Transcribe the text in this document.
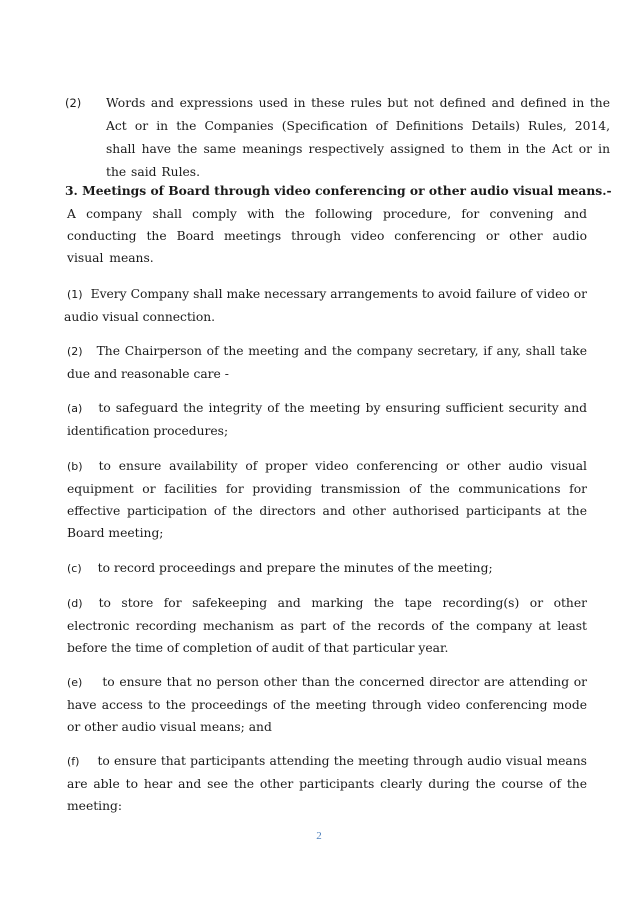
(2) Words and expressions used in these rules but not defined and defined in the Act or in the Companies (Specification of Definitions Details) Rules, 2014, shall have the same meanings respectively assigned to them in the Act or in the said Rules.
3. Meetings of Board through video conferencing or other audio visual means.-

A company shall comply with the following procedure, for convening and conducting the Board meetings through video conferencing or other audio visual means.

(1) Every Company shall make necessary arrangements to avoid failure of video or audio visual connection.

(2) The Chairperson of the meeting and the company secretary, if any, shall take due and reasonable care -

(a) to safeguard the integrity of the meeting by ensuring sufficient security and identification procedures;

(b) to ensure availability of proper video conferencing or other audio visual equipment or facilities for providing transmission of the communications for effective participation of the directors and other authorised participants at the Board meeting;

(c) to record proceedings and prepare the minutes of the meeting;

(d) to store for safekeeping and marking the tape recording(s) or other electronic recording mechanism as part of the records of the company at least before the time of completion of audit of that particular year.

(e) to ensure that no person other than the concerned director are attending or have access to the proceedings of the meeting through video conferencing mode or other audio visual means; and

(f) to ensure that participants attending the meeting through audio visual means are able to hear and see the other participants clearly during the course of the meeting:

2
